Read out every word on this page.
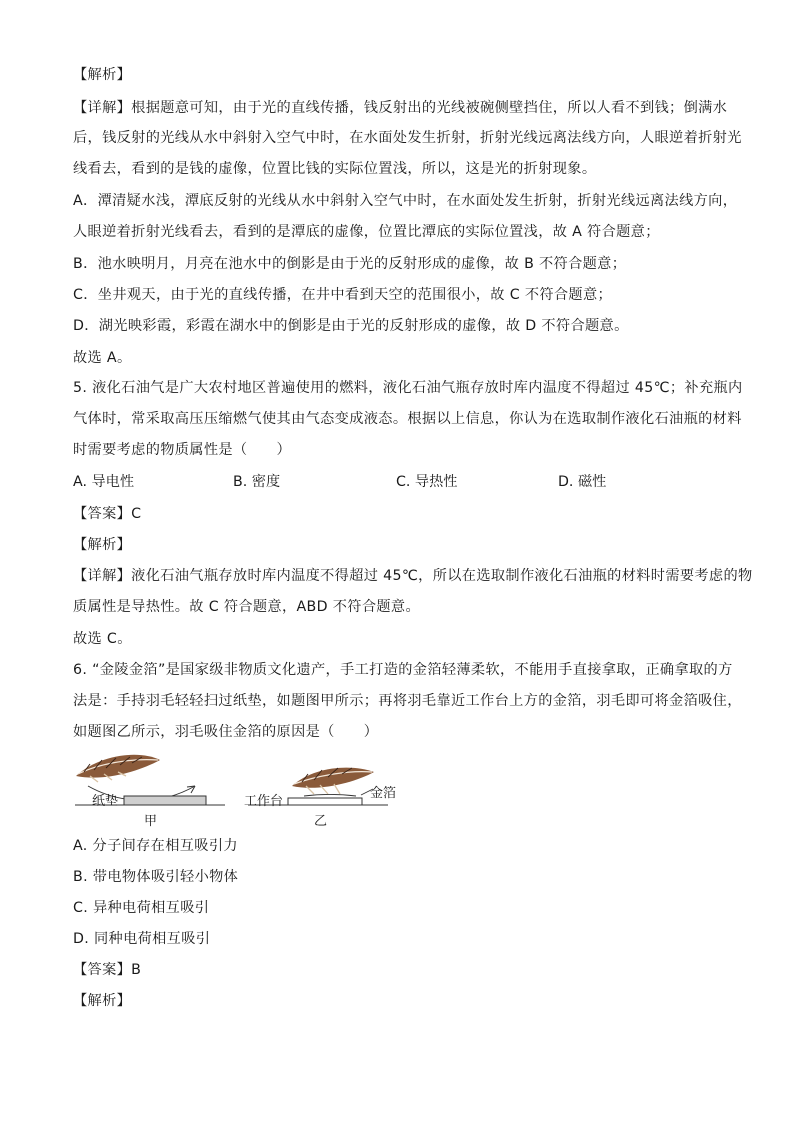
【解析】
【详解】根据题意可知，由于光的直线传播，钱反射出的光线被碗侧壁挡住，所以人看不到钱；倒满水
后，钱反射的光线从水中斜射入空气中时，在水面处发生折射，折射光线远离法线方向，人眼逆着折射光
线看去，看到的是钱的虚像，位置比钱的实际位置浅，所以，这是光的折射现象。
A．潭清疑水浅，潭底反射的光线从水中斜射入空气中时，在水面处发生折射，折射光线远离法线方向，
人眼逆着折射光线看去，看到的是潭底的虚像，位置比潭底的实际位置浅，故 A 符合题意；
B．池水映明月，月亮在池水中的倒影是由于光的反射形成的虚像，故 B 不符合题意；
C．坐井观天，由于光的直线传播，在井中看到天空的范围很小，故 C 不符合题意；
D．湖光映彩霞，彩霞在湖水中的倒影是由于光的反射形成的虚像，故 D 不符合题意。
故选 A。
5. 液化石油气是广大农村地区普遍使用的燃料，液化石油气瓶存放时库内温度不得超过 45℃；补充瓶内
气体时，常采取高压压缩燃气使其由气态变成液态。根据以上信息，你认为在选取制作液化石油瓶的材料
时需要考虑的物质属性是（　　）
A. 导电性	B. 密度	C. 导热性	D. 磁性
【答案】C
【解析】
【详解】液化石油气瓶存放时库内温度不得超过 45℃，所以在选取制作液化石油瓶的材料时需要考虑的物
质属性是导热性。故 C 符合题意，ABD 不符合题意。
故选 C。
6. “金陵金箔”是国家级非物质文化遗产，手工打造的金箔轻薄柔软，不能用手直接拿取，正确拿取的方
法是：手持羽毛轻轻扫过纸垫，如题图甲所示；再将羽毛靠近工作台上方的金箔，羽毛即可将金箔吸住，
如题图乙所示，羽毛吸住金箔的原因是（　　）
纸垫
甲
工作台
金箔
乙
A. 分子间存在相互吸引力
B. 带电物体吸引轻小物体
C. 异种电荷相互吸引
D. 同种电荷相互吸引
【答案】B
【解析】
